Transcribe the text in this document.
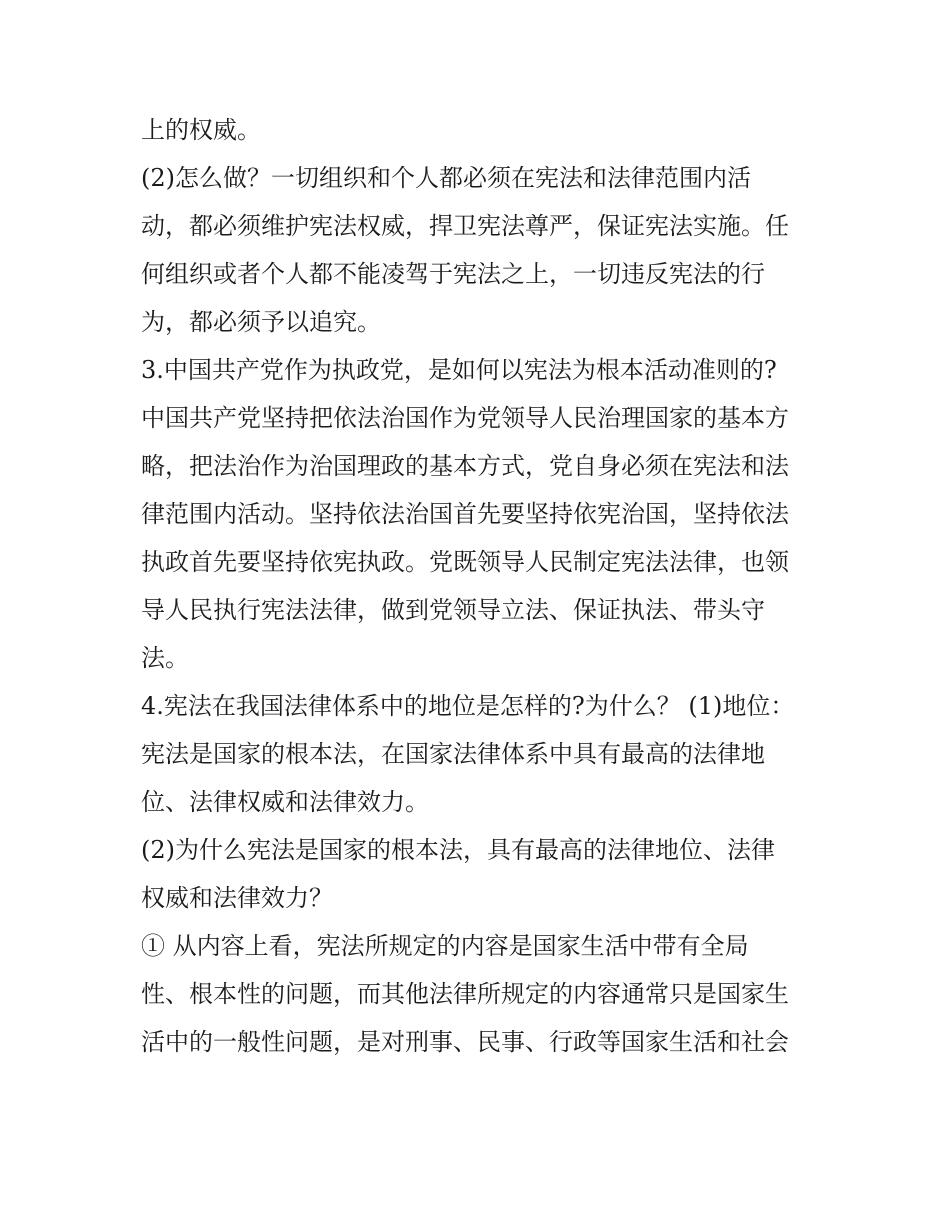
上的权威。
(2)怎么做？一切组织和个人都必须在宪法和法律范围内活
动，都必须维护宪法权威，捍卫宪法尊严，保证宪法实施。任
何组织或者个人都不能凌驾于宪法之上，一切违反宪法的行
为，都必须予以追究。
3.中国共产党作为执政党，是如何以宪法为根本活动准则的?
中国共产党坚持把依法治国作为党领导人民治理国家的基本方
略，把法治作为治国理政的基本方式，党自身必须在宪法和法
律范围内活动。坚持依法治国首先要坚持依宪治国，坚持依法
执政首先要坚持依宪执政。党既领导人民制定宪法法律，也领
导人民执行宪法法律，做到党领导立法、保证执法、带头守
法。
4.宪法在我国法律体系中的地位是怎样的?为什么？ (1)地位：
宪法是国家的根本法，在国家法律体系中具有最高的法律地
位、法律权威和法律效力。
(2)为什么宪法是国家的根本法，具有最高的法律地位、法律
权威和法律效力？
① 从内容上看，宪法所规定的内容是国家生活中带有全局
性、根本性的问题，而其他法律所规定的内容通常只是国家生
活中的一般性问题，是对刑事、民事、行政等国家生活和社会
